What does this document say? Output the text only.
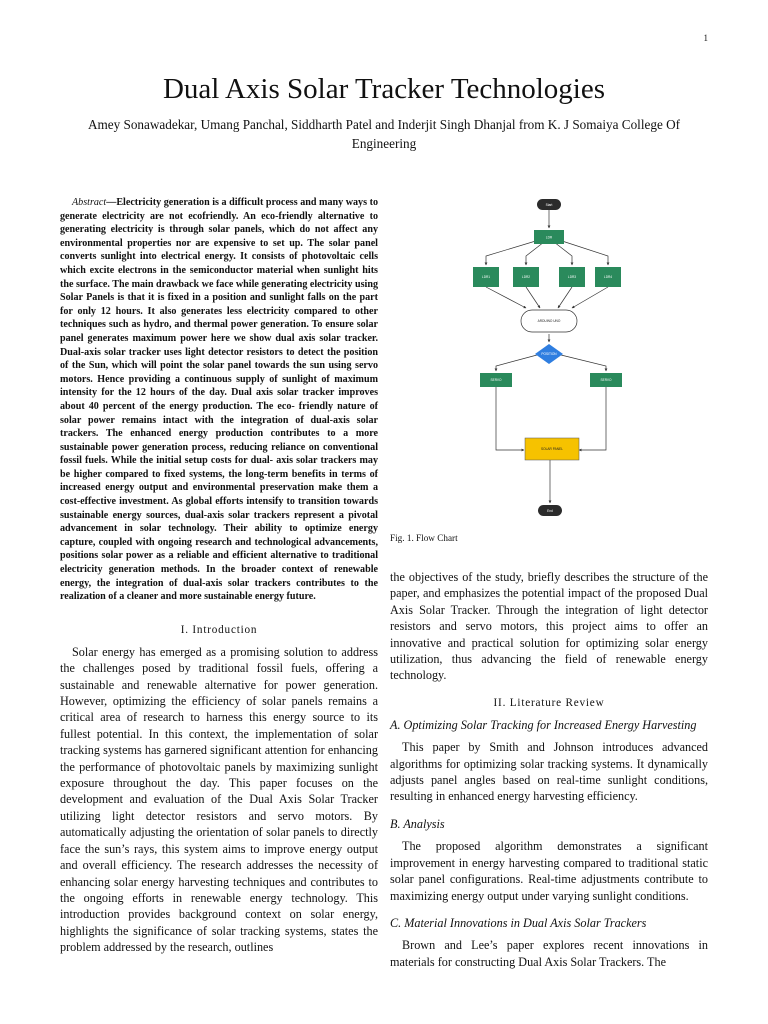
1
Dual Axis Solar Tracker Technologies
Amey Sonawadekar, Umang Panchal, Siddharth Patel and Inderjit Singh Dhanjal from K. J Somaiya College Of Engineering

Abstract—Electricity generation is a difficult process and many ways to generate electricity are not ecofriendly. An eco-friendly alternative to generating electricity is through solar panels, which do not affect any environmental properties nor are expensive to set up. The solar panel converts sunlight into electrical energy. It consists of photovoltaic cells which excite electrons in the semiconductor material when sunlight hits the surface. The main drawback we face while generating electricity using Solar Panels is that it is fixed in a position and sunlight falls on the part for only 12 hours. It also generates less electricity compared to other techniques such as hydro, and thermal power generation. To ensure solar panel generates maximum power here we show dual axis solar tracker. Dual-axis solar tracker uses light detector resistors to detect the position of the Sun, which will point the solar panel towards the sun using servo motors. Hence providing a continuous supply of sunlight of maximum intensity for the 12 hours of the day. Dual axis solar tracker improves about 40 percent of the energy production. The eco- friendly nature of solar power remains intact with the integration of dual-axis solar trackers. The enhanced energy production contributes to a more sustainable power generation process, reducing reliance on conventional fossil fuels. While the initial setup costs for dual- axis solar trackers may be higher compared to fixed systems, the long-term benefits in terms of increased energy output and environmental preservation make them a cost-effective investment. As global efforts intensify to transition towards sustainable energy sources, dual-axis solar trackers represent a pivotal advancement in solar technology. Their ability to optimize energy capture, coupled with ongoing research and technological advancements, positions solar power as a reliable and efficient alternative to traditional electricity generation methods. In the broader context of renewable energy, the integration of dual-axis solar trackers contributes to the realization of a cleaner and more sustainable energy future.

I. Introduction

Solar energy has emerged as a promising solution to address the challenges posed by traditional fossil fuels, offering a sustainable and renewable alternative for power generation. However, optimizing the efficiency of solar panels remains a critical area of research to harness this energy source to its fullest potential. In this context, the implementation of solar tracking systems has garnered significant attention for enhancing the performance of photovoltaic panels by maximizing sunlight exposure throughout the day. This paper focuses on the development and evaluation of the Dual Axis Solar Tracker utilizing light detector resistors and servo motors. By automatically adjusting the orientation of solar panels to directly face the sun’s rays, this system aims to improve energy output and overall efficiency. The research addresses the necessity of enhancing solar energy harvesting techniques and contributes to the ongoing efforts in renewable energy technology. This introduction provides background context on solar energy, highlights the significance of solar tracking systems, states the problem addressed by the research, outlines

Start
LDR
LDR1	LDR2	LDR3	LDR4
ARDUINO UNO
POSITION
SERVO	SERVO
SOLAR PANEL
End
Fig. 1. Flow Chart

the objectives of the study, briefly describes the structure of the paper, and emphasizes the potential impact of the proposed Dual Axis Solar Tracker. Through the integration of light detector resistors and servo motors, this project aims to offer an innovative and practical solution for optimizing solar energy utilization, thus advancing the field of renewable energy technology.

II. Literature Review
A. Optimizing Solar Tracking for Increased Energy Harvesting

This paper by Smith and Johnson introduces advanced algorithms for optimizing solar tracking systems. It dynamically adjusts panel angles based on real-time sunlight conditions, resulting in enhanced energy harvesting efficiency.

B. Analysis

The proposed algorithm demonstrates a significant improvement in energy harvesting compared to traditional static solar panel configurations. Real-time adjustments contribute to maximizing energy output under varying sunlight conditions.

C. Material Innovations in Dual Axis Solar Trackers

Brown and Lee’s paper explores recent innovations in materials for constructing Dual Axis Solar Trackers. The
